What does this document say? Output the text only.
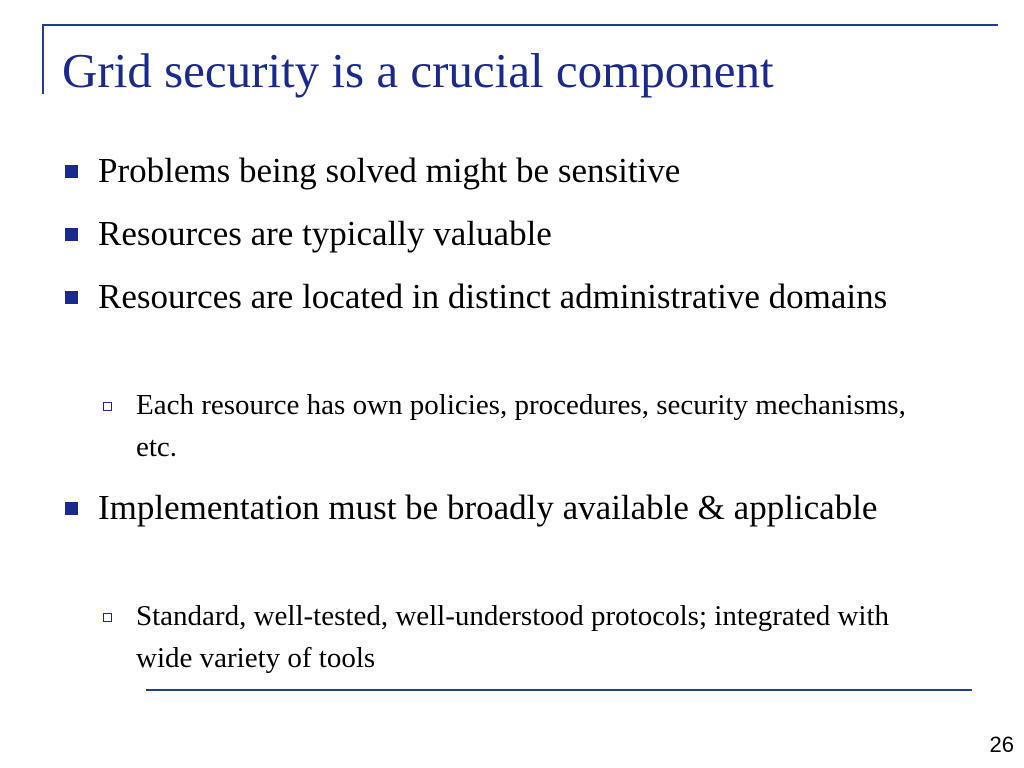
Grid security is a crucial component
Problems being solved might be sensitive
Resources are typically valuable
Resources are located in distinct administrative domains
Each resource has own policies, procedures, security mechanisms, etc.
Implementation must be broadly available & applicable
Standard, well-tested, well-understood protocols; integrated with wide variety of tools
26
